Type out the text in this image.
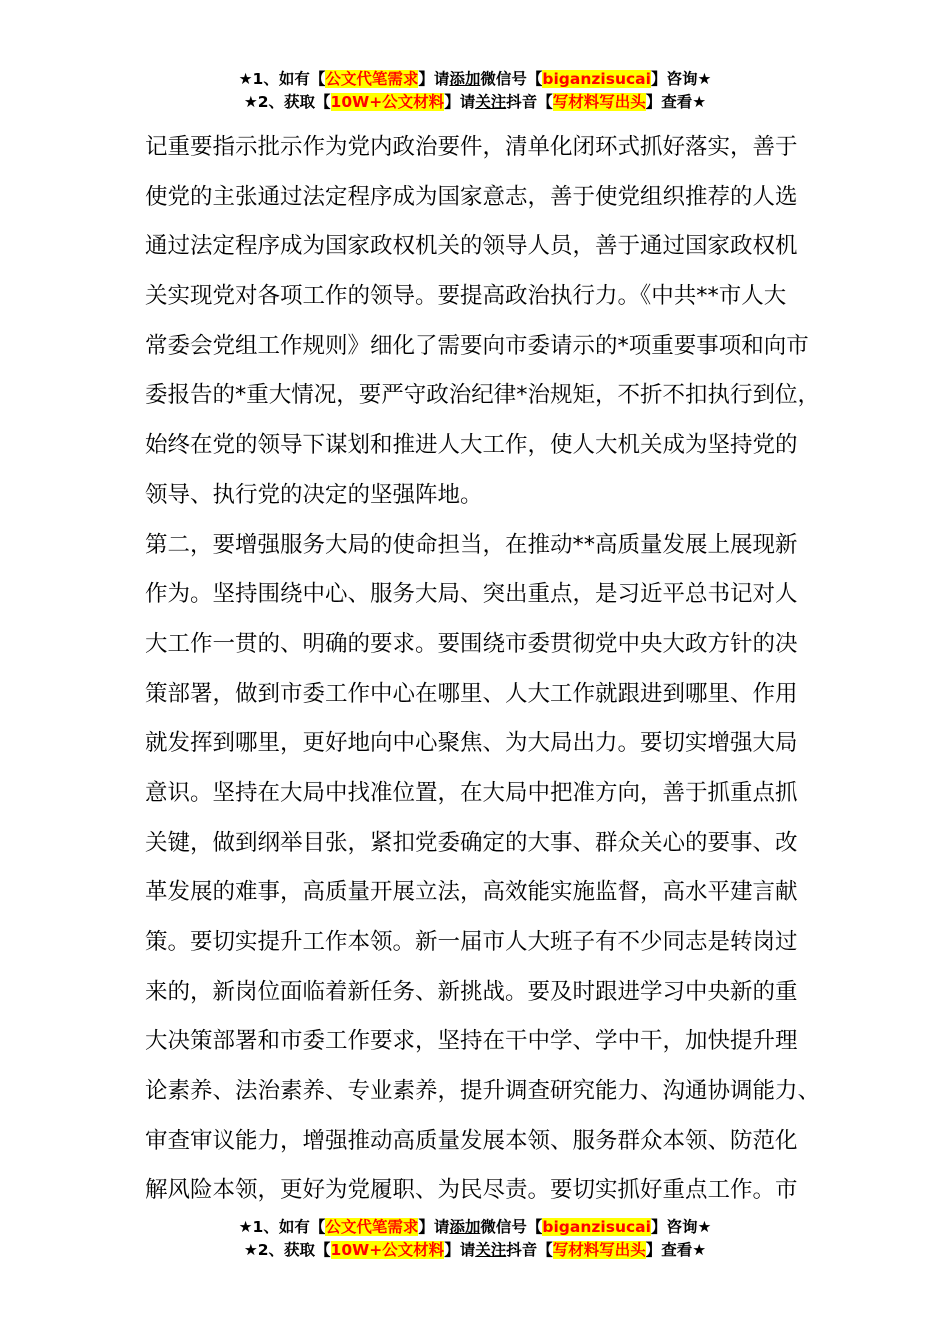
★1、如有【公文代笔需求】请添加微信号【biganzisucai】咨询★
★2、获取【10W+公文材料】请关注抖音【写材料写出头】查看★
记重要指示批示作为党内政治要件，清单化闭环式抓好落实，善于
使党的主张通过法定程序成为国家意志，善于使党组织推荐的人选
通过法定程序成为国家政权机关的领导人员，善于通过国家政权机
关实现党对各项工作的领导。要提高政治执行力。《中共**市人大
常委会党组工作规则》细化了需要向市委请示的*项重要事项和向市
委报告的*重大情况，要严守政治纪律*治规矩，不折不扣执行到位，
始终在党的领导下谋划和推进人大工作，使人大机关成为坚持党的
领导、执行党的决定的坚强阵地。
第二，要增强服务大局的使命担当，在推动**高质量发展上展现新
作为。坚持围绕中心、服务大局、突出重点，是习近平总书记对人
大工作一贯的、明确的要求。要围绕市委贯彻党中央大政方针的决
策部署，做到市委工作中心在哪里、人大工作就跟进到哪里、作用
就发挥到哪里，更好地向中心聚焦、为大局出力。要切实增强大局
意识。坚持在大局中找准位置，在大局中把准方向，善于抓重点抓
关键，做到纲举目张，紧扣党委确定的大事、群众关心的要事、改
革发展的难事，高质量开展立法，高效能实施监督，高水平建言献
策。要切实提升工作本领。新一届市人大班子有不少同志是转岗过
来的，新岗位面临着新任务、新挑战。要及时跟进学习中央新的重
大决策部署和市委工作要求，坚持在干中学、学中干，加快提升理
论素养、法治素养、专业素养，提升调查研究能力、沟通协调能力、
审查审议能力，增强推动高质量发展本领、服务群众本领、防范化
解风险本领，更好为党履职、为民尽责。要切实抓好重点工作。市
★1、如有【公文代笔需求】请添加微信号【biganzisucai】咨询★
★2、获取【10W+公文材料】请关注抖音【写材料写出头】查看★
